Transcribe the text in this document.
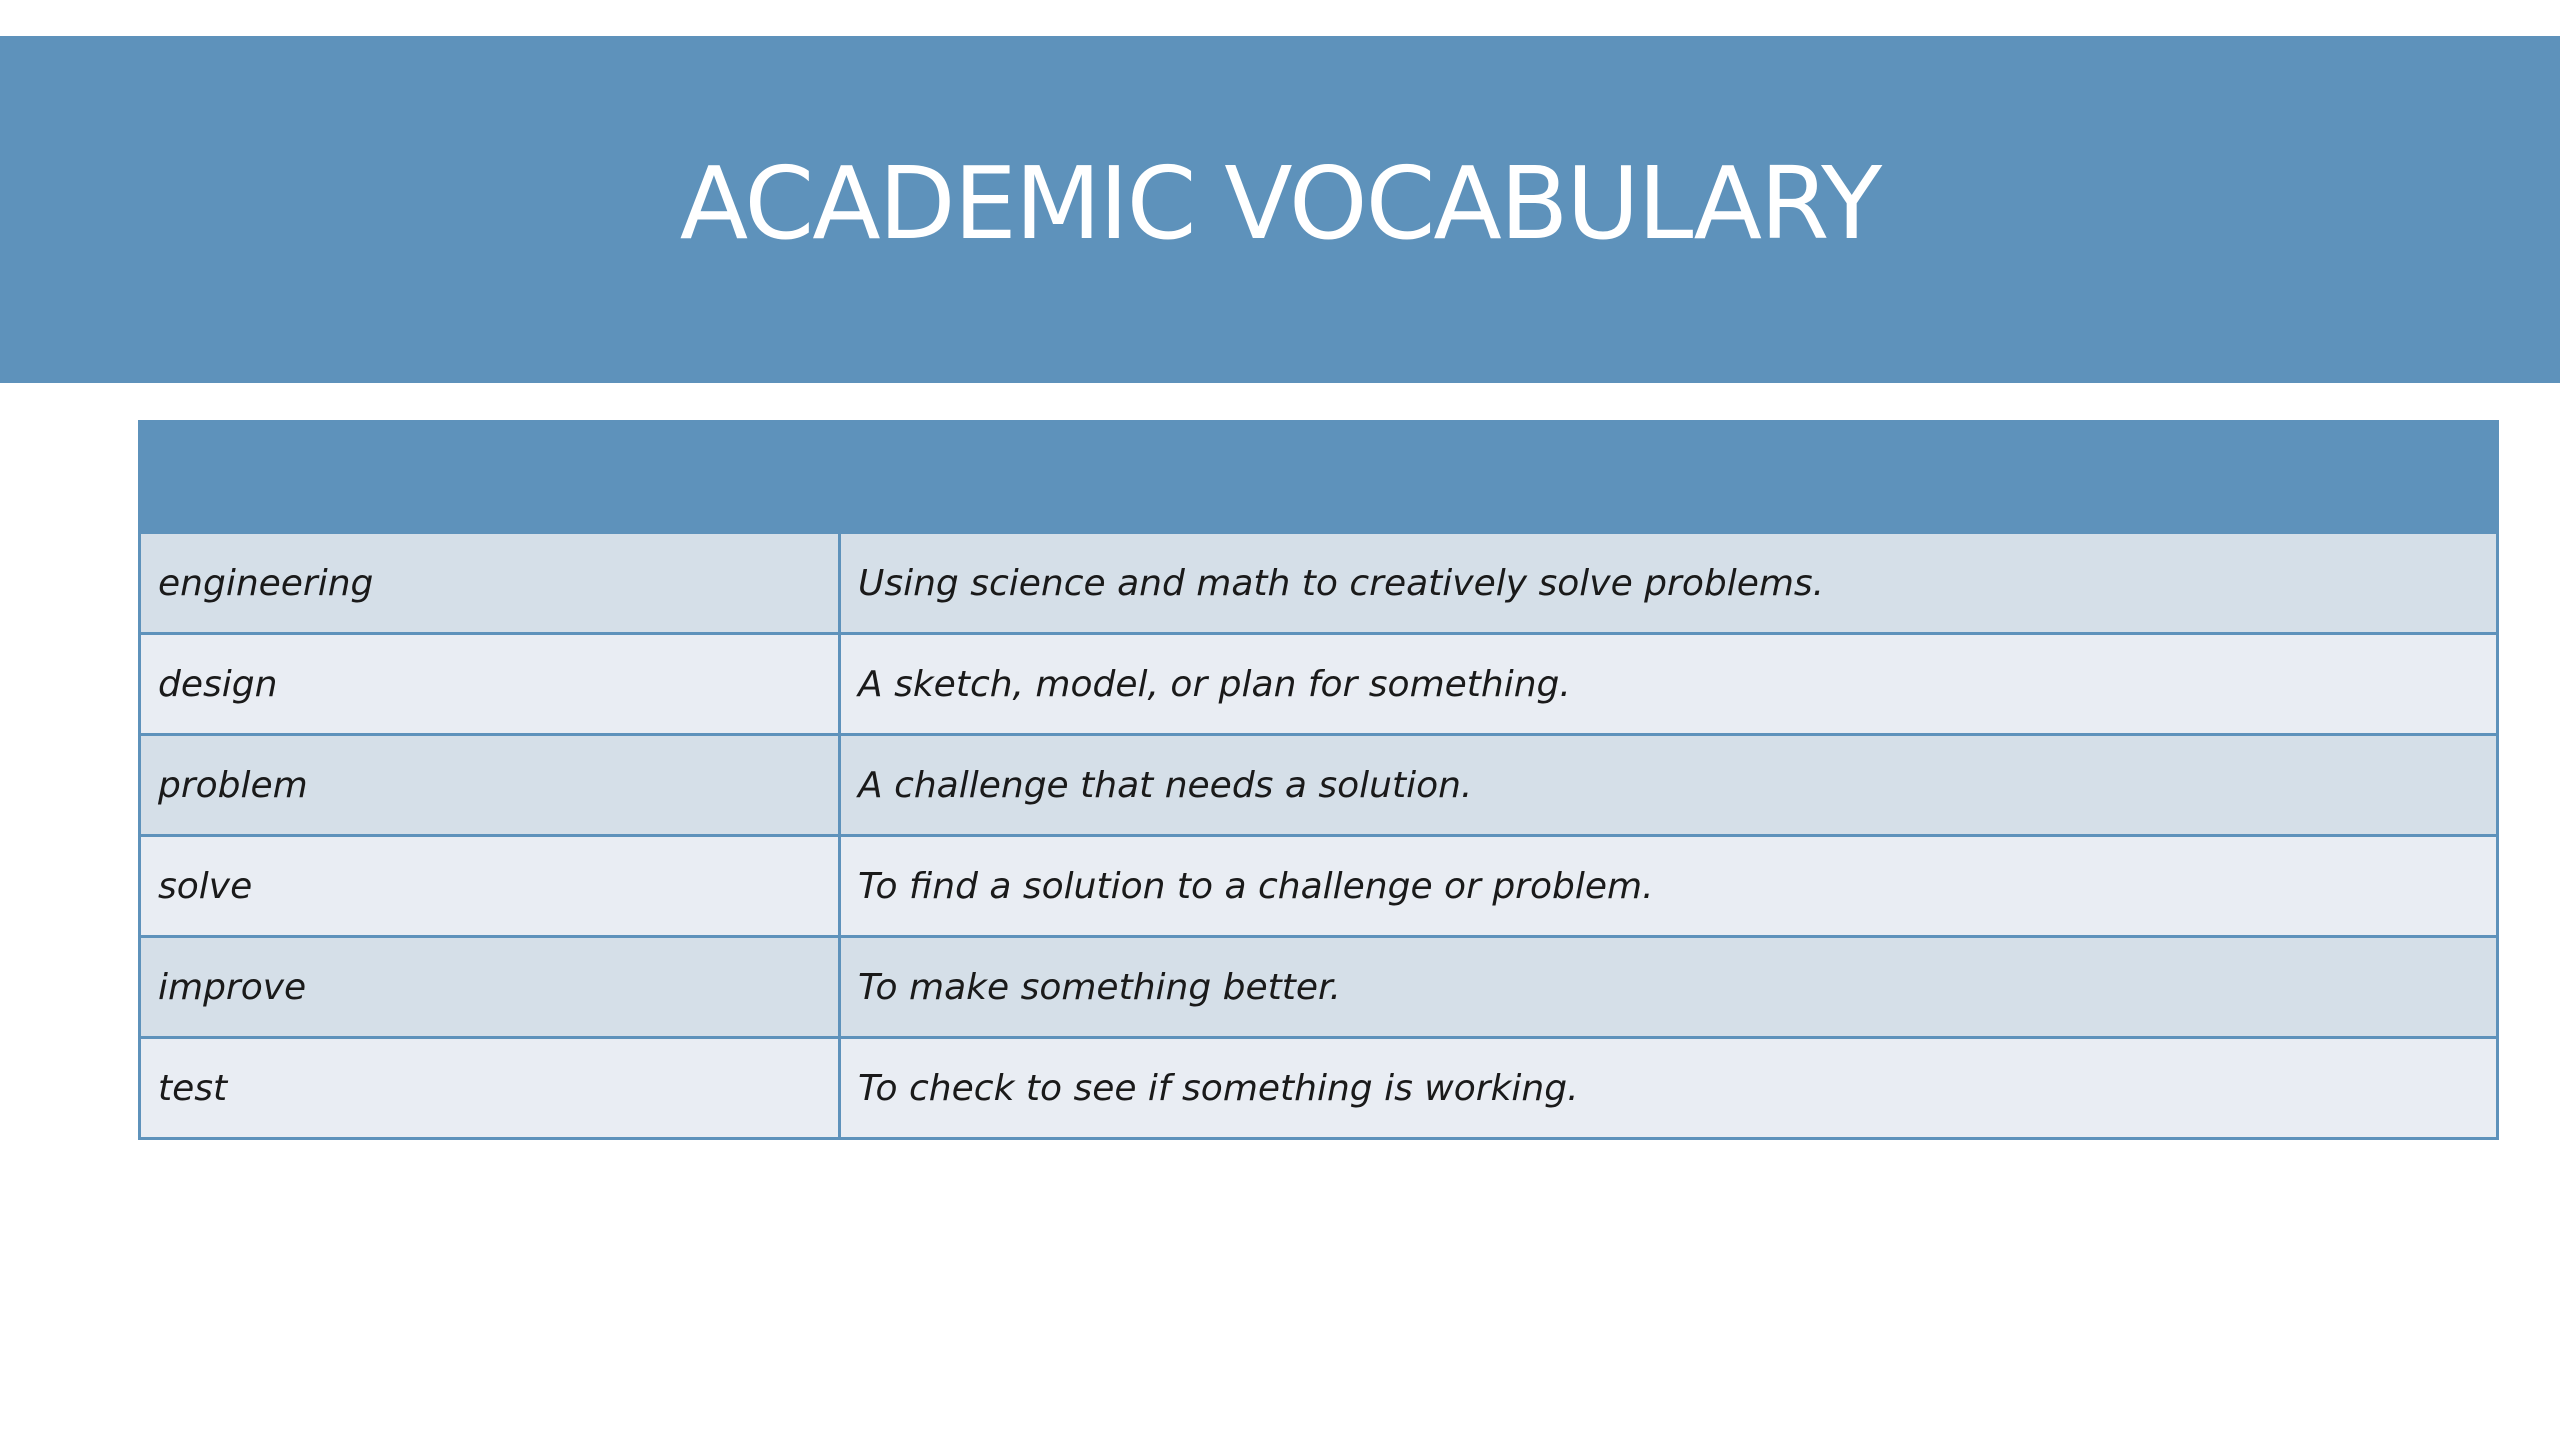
ACADEMIC VOCABULARY

engineering	Using science and math to creatively solve problems.
design	A sketch, model, or plan for something.
problem	A challenge that needs a solution.
solve	To find a solution to a challenge or problem.
improve	To make something better.
test	To check to see if something is working.
